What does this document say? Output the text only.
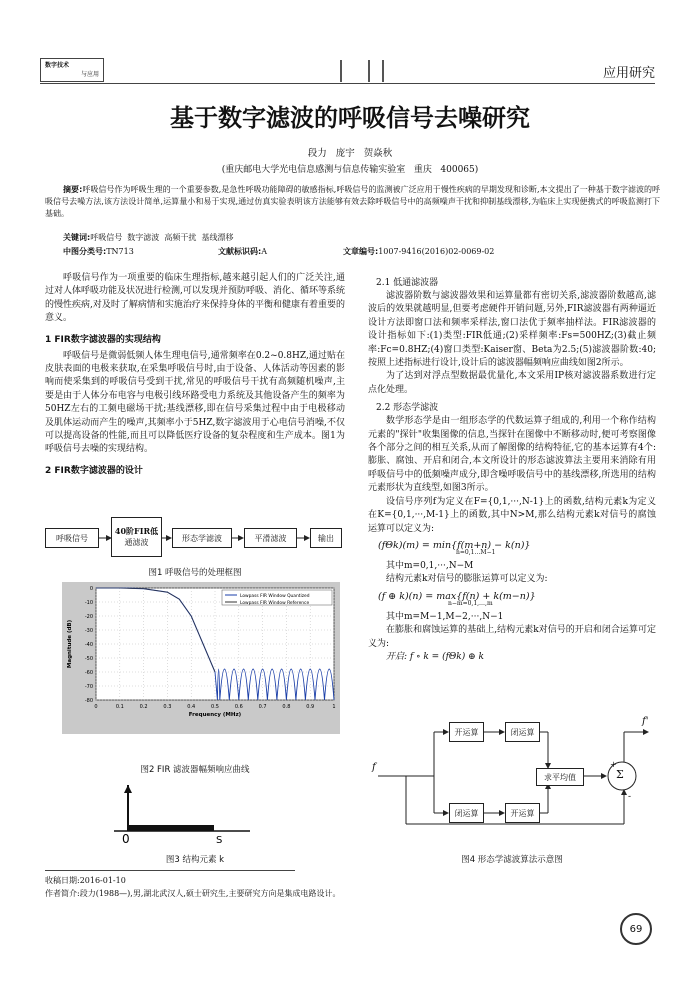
数字技术
与应用	应用研究
基于数字滤波的呼吸信号去噪研究
段力   庞宇   贺焱秋
(重庆邮电大学光电信息感测与信息传输实验室   重庆   400065)
摘要:呼吸信号作为呼吸生理的一个重要参数,是急性呼吸功能障碍的敏感指标,呼吸信号的监测被广泛应用于慢性疾病的早期发现和诊断,本文提出了一种基于数字滤波的呼吸信号去噪方法,该方法设计简单,运算量小和易于实现,通过仿真实验表明该方法能够有效去除呼吸信号中的高频噪声干扰和抑制基线漂移,为临床上实现便携式的呼吸监测打下基础。
关键词:呼吸信号  数字滤波  高频干扰  基线漂移
中图分类号:TN713	文献标识码:A	文章编号:1007-9416(2016)02-0069-02

呼吸信号作为一项重要的临床生理指标,越来越引起人们的广泛关注,通过对人体呼吸功能及状况进行检测,可以发现并预防呼吸、消化、循环等系统的慢性疾病,对及时了解病情和实施治疗来保持身体的平衡和健康有着重要的意义。

1 FIR数字滤波器的实现结构

呼吸信号是微弱低频人体生理电信号,通常频率在0.2~0.8HZ,通过贴在皮肤表面的电极来获取,在采集呼吸信号时,由于设备、人体活动等因素的影响而使采集到的呼吸信号受到干扰,常见的呼吸信号干扰有高频随机噪声,主要是由于人体分布电容与电极引线环路受电力系统及其他设备产生的频率为50HZ左右的工频电磁场干扰;基线漂移,即在信号采集过程中由于电极移动及肌体运动而产生的噪声,其频率小于5HZ,数字滤波用于心电信号消噪,不仅可以提高设备的性能,而且可以降低医疗设备的复杂程度和生产成本。图1为呼吸信号去噪的实现结构。

2 FIR数字滤波器的设计
呼吸信号
40阶FIR低
通滤波	形态学滤波	平滑滤波	输出
图1 呼吸信号的处理框图
0
-10
-20
-30
-40
-50
-60
-70
-80
0	0.1	0.2	0.3	0.4	0.5	0.6	0.7	0.8	0.9	1
Frequency (MHz)
Magnitude (dB)
Lowpass FIR Window Quantized
Lowpass FIR Window Reference
图2 FIR 滤波器幅频响应曲线
0	S
图3 结构元素 k
2.1 低通滤波器

滤波器阶数与滤波器效果和运算量都有密切关系,滤波器阶数越高,滤波后的效果就越明显,但要考虑硬件开销问题,另外,FIR滤波器有两种逼近设计方法即窗口法和频率采样法,窗口法优于频率抽样法。FIR滤波器的设计指标如下:(1)类型:FIR低通;(2)采样频率:Fs=500HZ;(3)截止频率:Fc=0.8HZ;(4)窗口类型:Kaiser窗、Beta为2.5;(5)滤波器阶数:40;按照上述指标进行设计,设计后的滤波器幅频响应曲线如图2所示。

为了达到对浮点型数据最优量化,本文采用IP核对滤波器系数进行定点化处理。

2.2 形态学滤波

数学形态学是由一组形态学的代数运算子组成的,利用一个称作结构元素的"探针"收集图像的信息,当探针在图像中不断移动时,便可考察图像各个部分之间的相互关系,从而了解图像的结构特征,它的基本运算有4个:膨胀、腐蚀、开启和闭合,本文所设计的形态滤波算法主要用来消除有用呼吸信号中的低频噪声成分,即含噪呼吸信号中的基线漂移,所选用的结构元素形状为直线型,如图3所示。

设信号序列f为定义在F={0,1,···,N-1}上的函数,结构元素k为定义在K={0,1,···,M-1}上的函数,其中N>M,那么结构元素k对信号的腐蚀运算可以定义为:

(fΘk)(m) = min{f(m+n) − k(n)}
n=0,1…M−1

其中m=0,1,···,N−M

结构元素k对信号的膨胀运算可以定义为:

(f ⊕ k)(n) = max{f(n) + k(m−n)}
n−m=0,1,…,m

其中m=M−1,M−2,···,N−1

在膨胀和腐蚀运算的基础上,结构元素k对信号的开启和闭合运算可定义为:

开启: f ∘ k = (fΘk) ⊕ k

开运算	闭运算
闭运算	开运算
求平均值	Σ
f
f'
+
-
图4 形态学滤波算法示意图
收稿日期:2016-01-10
作者简介:段力(1988—),男,湖北武汉人,硕士研究生,主要研究方向是集成电路设计。
69
